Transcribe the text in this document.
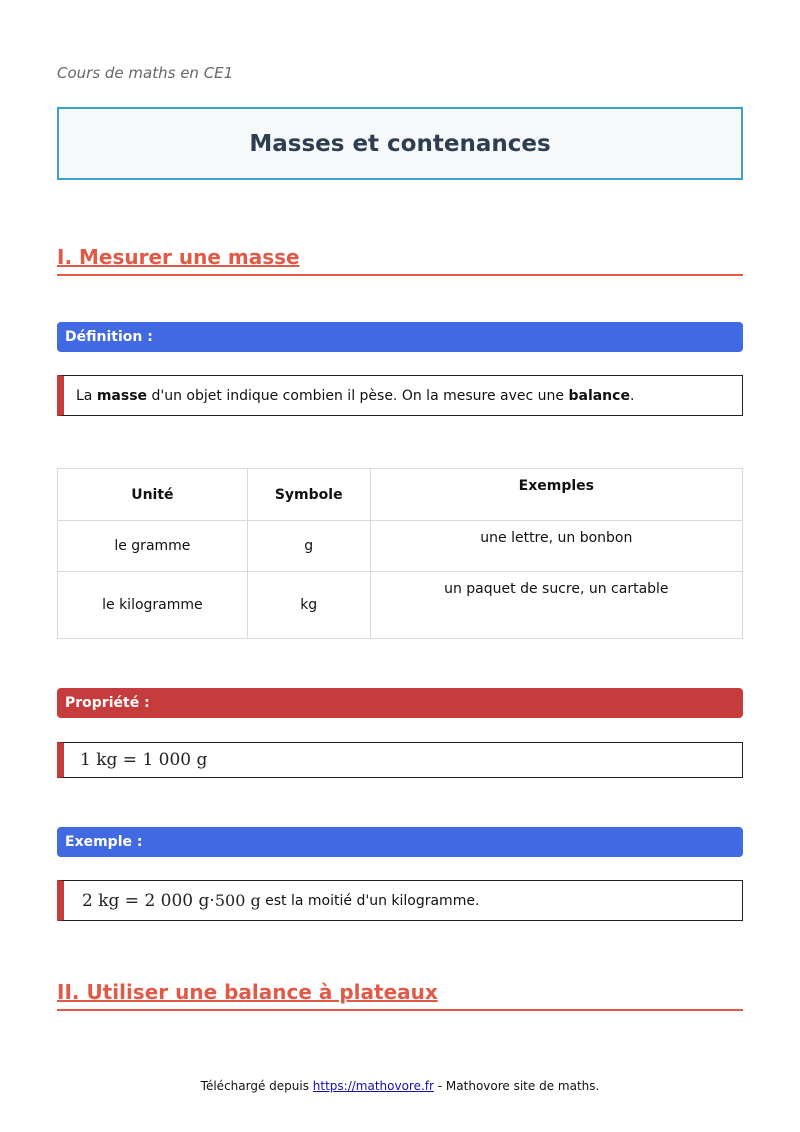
Cours de maths en CE1
Masses et contenances
I. Mesurer une masse
Définition :
La masse d'un objet indique combien il pèse. On la mesure avec une balance.
Unité	Symbole	Exemples
le gramme	g	une lettre, un bonbon
le kilogramme	kg	un paquet de sucre, un cartable
Propriété :
1 kg = 1 000 g
Exemple :
2 kg = 2 000 g · 500 g est la moitié d'un kilogramme.
II. Utiliser une balance à plateaux
Téléchargé depuis https://mathovore.fr - Mathovore site de maths.
